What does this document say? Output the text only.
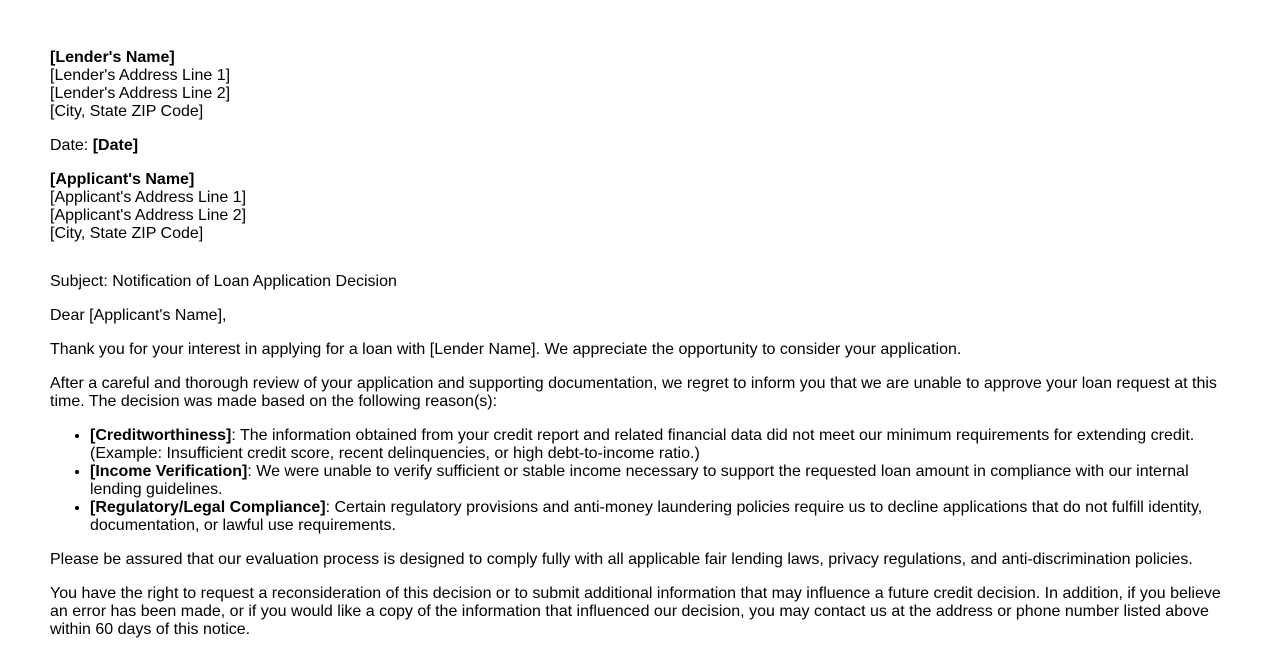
[Lender's Name]
[Lender's Address Line 1]
[Lender's Address Line 2]
[City, State ZIP Code]

Date: [Date]

[Applicant's Name]
[Applicant's Address Line 1]
[Applicant's Address Line 2]
[City, State ZIP Code]

Subject: Notification of Loan Application Decision

Dear [Applicant's Name],

Thank you for your interest in applying for a loan with [Lender Name]. We appreciate the opportunity to consider your application.

After a careful and thorough review of your application and supporting documentation, we regret to inform you that we are unable to approve your loan request at this time. The decision was made based on the following reason(s):

• [Creditworthiness]: The information obtained from your credit report and related financial data did not meet our minimum requirements for extending credit. (Example: Insufficient credit score, recent delinquencies, or high debt-to-income ratio.)
• [Income Verification]: We were unable to verify sufficient or stable income necessary to support the requested loan amount in compliance with our internal lending guidelines.
• [Regulatory/Legal Compliance]: Certain regulatory provisions and anti-money laundering policies require us to decline applications that do not fulfill identity, documentation, or lawful use requirements.

Please be assured that our evaluation process is designed to comply fully with all applicable fair lending laws, privacy regulations, and anti-discrimination policies.

You have the right to request a reconsideration of this decision or to submit additional information that may influence a future credit decision. In addition, if you believe an error has been made, or if you would like a copy of the information that influenced our decision, you may contact us at the address or phone number listed above within 60 days of this notice.
